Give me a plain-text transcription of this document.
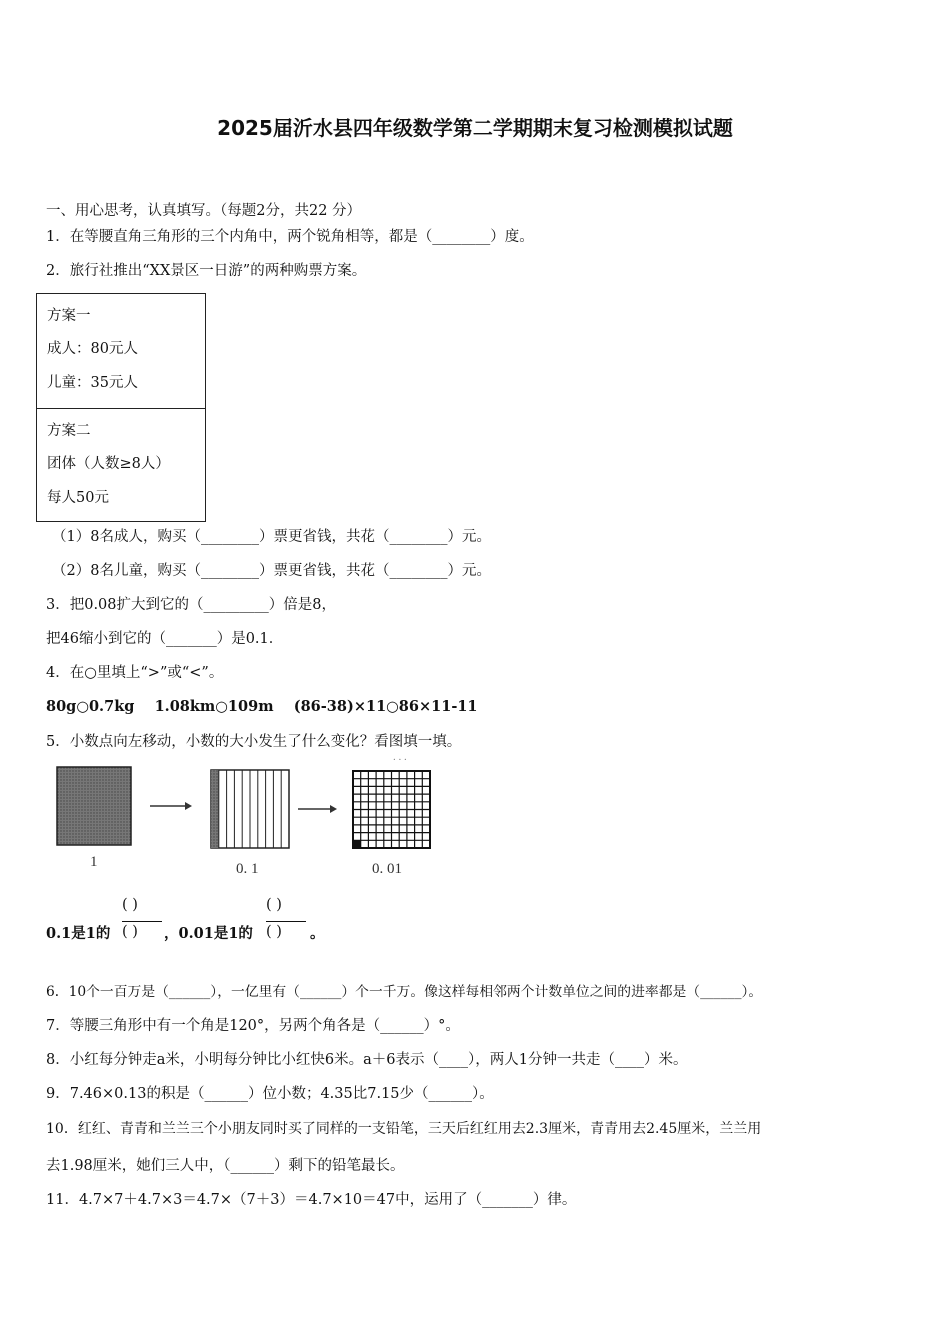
2025届沂水县四年级数学第二学期期末复习检测模拟试题
一、用心思考，认真填写。（每题2分，共22 分）
1．在等腰直角三角形的三个内角中，两个锐角相等，都是（________）度。
2．旅行社推出“XX景区一日游”的两种购票方案。
方案一
成人：80元人
儿童：35元人
方案二
团体（人数≥8人）
每人50元
（1）8名成人，购买（________）票更省钱，共花（________）元。
（2）8名儿童，购买（________）票更省钱，共花（________）元。
3．把0.08扩大到它的（_________）倍是8，
把46缩小到它的（_______）是0.1．
4．在○里填上“>”或“<”。
80g○0.7kg    1.08km○109m    (86-38)×11○86×11-11
5．小数点向左移动，小数的大小发生了什么变化？看图填一填。
. . .
1	0. 1	0. 01
0.1是1的
( )
( ) ，0.01是1的
( )
( ) 。
6．10个一百万是（______），一亿里有（______）个一千万。像这样每相邻两个计数单位之间的进率都是（______）。
7．等腰三角形中有一个角是120°，另两个角各是（______）°。
8．小红每分钟走a米，小明每分钟比小红快6米。a＋6表示（____），两人1分钟一共走（____）米。
9．7.46×0.13的积是（______）位小数；4.35比7.15少（______）。
10．红红、青青和兰兰三个小朋友同时买了同样的一支铅笔，三天后红红用去2.3厘米，青青用去2.45厘米，兰兰用
去1.98厘米，她们三人中，（______）剩下的铅笔最长。
11．4.7×7＋4.7×3＝4.7×（7＋3）＝4.7×10＝47中，运用了（_______）律。
